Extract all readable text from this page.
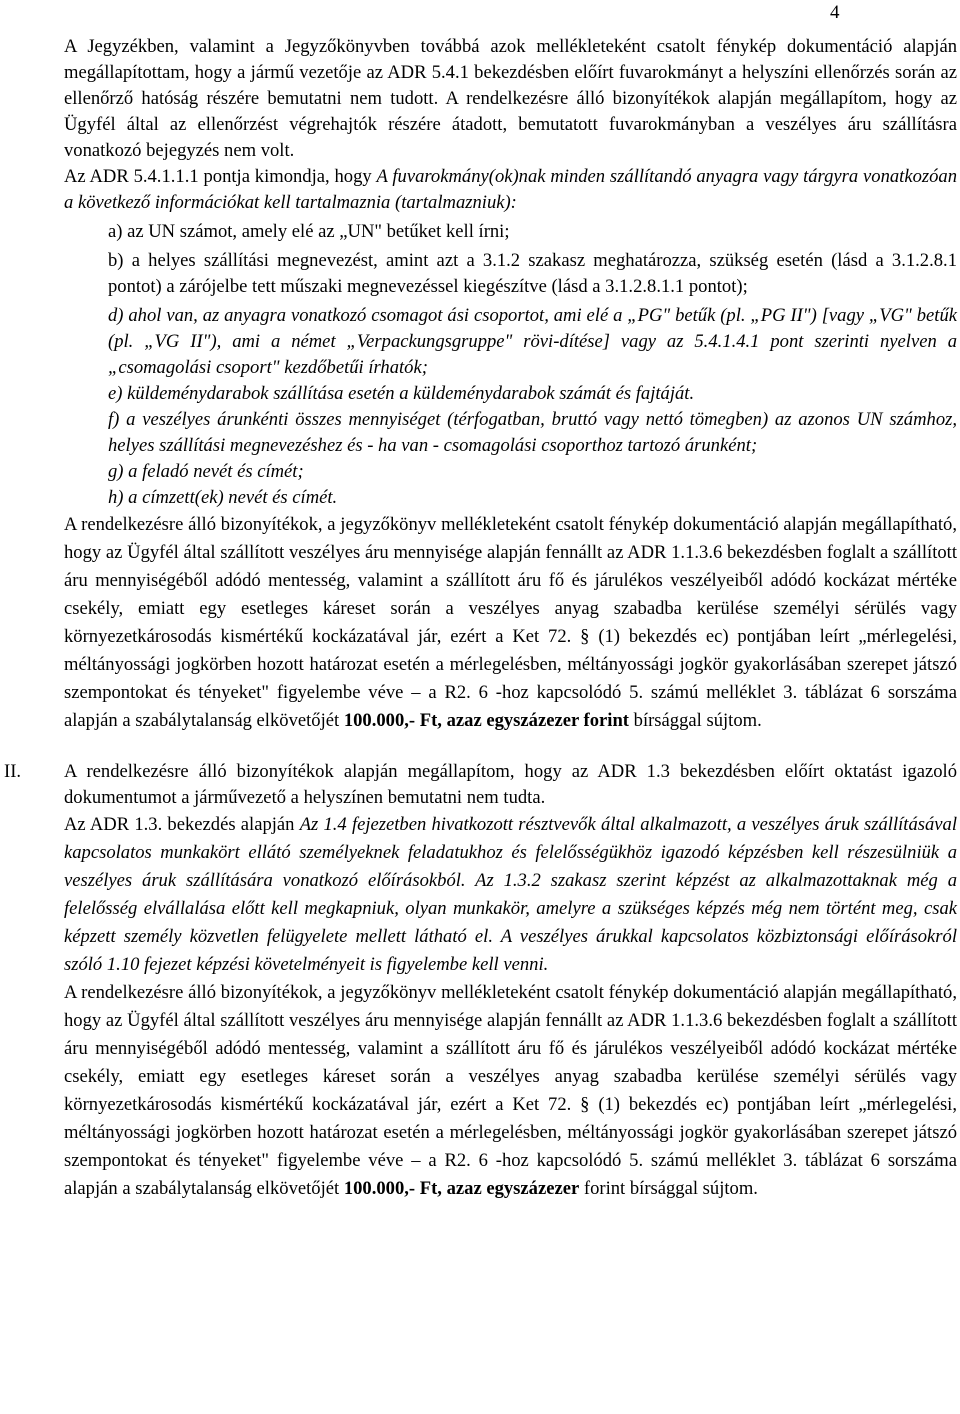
4

A Jegyzékben, valamint a Jegyzőkönyvben továbbá azok mellékleteként csatolt fénykép dokumentáció alapján megállapítottam, hogy a jármű vezetője az ADR 5.4.1 bekezdésben előírt fuvarokmányt a helyszíni ellenőrzés során az ellenőrző hatóság részére bemutatni nem tudott. A rendelkezésre álló bizonyítékok alapján megállapítom, hogy az Ügyfél által az ellenőrzést végrehajtók részére átadott, bemutatott fuvarokmányban a veszélyes áru szállításra vonatkozó bejegyzés nem volt.

Az ADR 5.4.1.1.1 pontja kimondja, hogy A fuvarokmány(ok)nak minden szállítandó anyagra vagy tárgyra vonatkozóan a következő információkat kell tartalmaznia (tartalmazniuk):

a) az UN számot, amely elé az „UN" betűket kell írni;

b) a helyes szállítási megnevezést, amint azt a 3.1.2 szakasz meghatározza, szükség esetén (lásd a 3.1.2.8.1 pontot) a zárójelbe tett műszaki megnevezéssel kiegészítve (lásd a 3.1.2.8.1.1 pontot);

d) ahol van, az anyagra vonatkozó csomagot ási csoportot, ami elé a „PG" betűk (pl. „PG II") [vagy „VG" betűk (pl. „VG II"), ami a német „Verpackungsgruppe" rövi-dítése] vagy az 5.4.1.4.1 pont szerinti nyelven a „csomagolási csoport" kezdőbetűi írhatók;

e) küldeménydarabok szállítása esetén a küldeménydarabok számát és fajtáját.

f) a veszélyes árunkénti összes mennyiséget (térfogatban, bruttó vagy nettó tömegben) az azonos UN számhoz, helyes szállítási megnevezéshez és - ha van - csomagolási csoporthoz tartozó árunként;

g) a feladó nevét és címét;

h) a címzett(ek) nevét és címét.

A rendelkezésre álló bizonyítékok, a jegyzőkönyv mellékleteként csatolt fénykép dokumentáció alapján megállapítható, hogy az Ügyfél által szállított veszélyes áru mennyisége alapján fennállt az ADR 1.1.3.6 bekezdésben foglalt a szállított áru mennyiségéből adódó mentesség, valamint a szállított áru fő és járulékos veszélyeiből adódó kockázat mértéke csekély, emiatt egy esetleges káreset során a veszélyes anyag szabadba kerülése személyi sérülés vagy környezetkárosodás kismértékű kockázatával jár, ezért a Ket 72. § (1) bekezdés ec) pontjában leírt „mérlegelési, méltányossági jogkörben hozott határozat esetén a mérlegelésben, méltányossági jogkör gyakorlásában szerepet játszó szempontokat és tényeket" figyelembe véve – a R2. 6 -hoz kapcsolódó 5. számú melléklet 3. táblázat 6 sorszáma alapján a szabálytalanság elkövetőjét 100.000,- Ft, azaz egyszázezer forint bírsággal sújtom.

II. A rendelkezésre álló bizonyítékok alapján megállapítom, hogy az ADR 1.3 bekezdésben előírt oktatást igazoló dokumentumot a járművezető a helyszínen bemutatni nem tudta.

Az ADR 1.3. bekezdés alapján Az 1.4 fejezetben hivatkozott résztvevők által alkalmazott, a veszélyes áruk szállításával kapcsolatos munkakört ellátó személyeknek feladatukhoz és felelősségükhöz igazodó képzésben kell részesülniük a veszélyes áruk szállítására vonatkozó előírásokból. Az 1.3.2 szakasz szerint képzést az alkalmazottaknak még a felelősség elvállalása előtt kell megkapniuk, olyan munkakör, amelyre a szükséges képzés még nem történt meg, csak képzett személy közvetlen felügyelete mellett látható el. A veszélyes árukkal kapcsolatos közbiztonsági előírásokról szóló 1.10 fejezet képzési követelményeit is figyelembe kell venni.

A rendelkezésre álló bizonyítékok, a jegyzőkönyv mellékleteként csatolt fénykép dokumentáció alapján megállapítható, hogy az Ügyfél által szállított veszélyes áru mennyisége alapján fennállt az ADR 1.1.3.6 bekezdésben foglalt a szállított áru mennyiségéből adódó mentesség, valamint a szállított áru fő és járulékos veszélyeiből adódó kockázat mértéke csekély, emiatt egy esetleges káreset során a veszélyes anyag szabadba kerülése személyi sérülés vagy környezetkárosodás kismértékű kockázatával jár, ezért a Ket 72. § (1) bekezdés ec) pontjában leírt „mérlegelési, méltányossági jogkörben hozott határozat esetén a mérlegelésben, méltányossági jogkör gyakorlásában szerepet játszó szempontokat és tényeket" figyelembe véve – a R2. 6 -hoz kapcsolódó 5. számú melléklet 3. táblázat 6 sorszáma alapján a szabálytalanság elkövetőjét 100.000,- Ft, azaz egyszázezer forint bírsággal sújtom.
